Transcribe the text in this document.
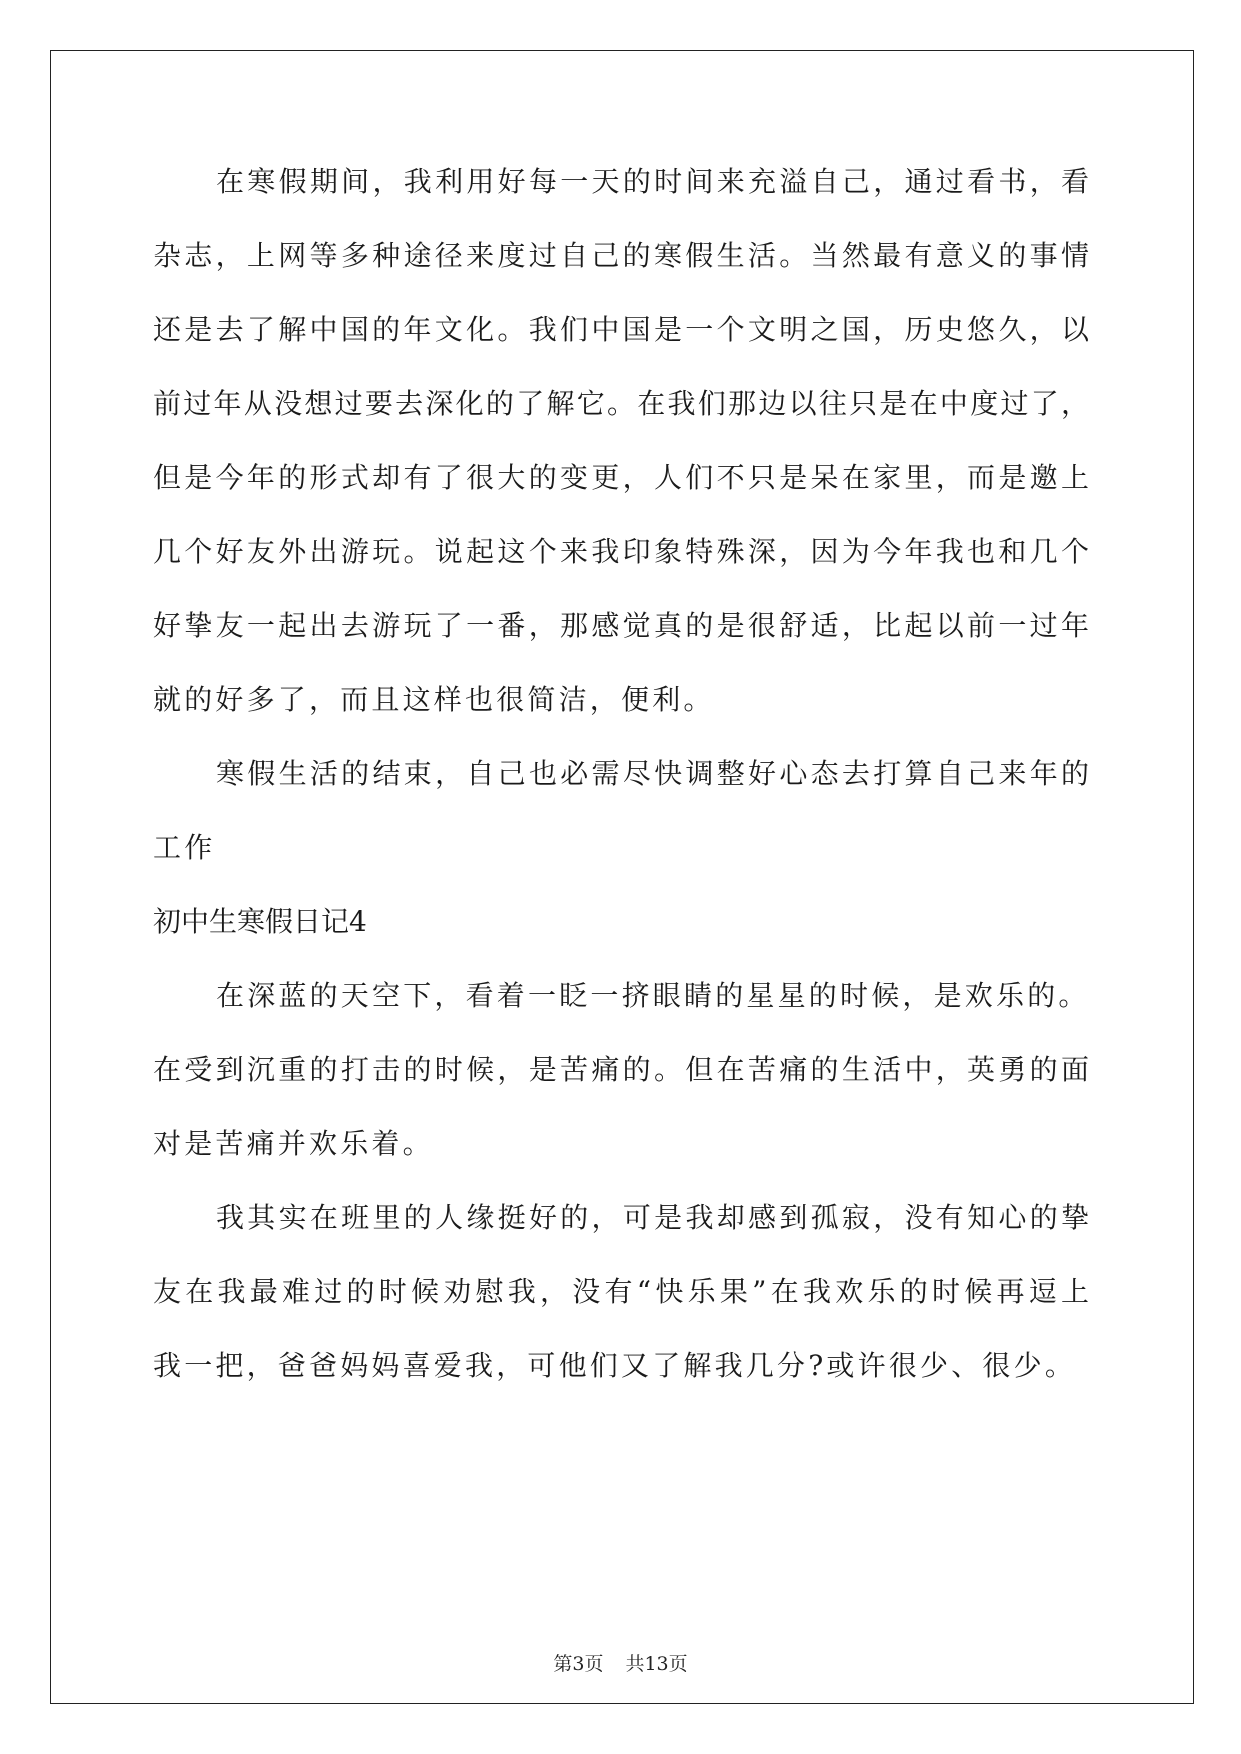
在寒假期间，我利用好每一天的时间来充溢自己，通过看书，看
杂志，上网等多种途径来度过自己的寒假生活。当然最有意义的事情
还是去了解中国的年文化。我们中国是一个文明之国，历史悠久，以
前过年从没想过要去深化的了解它。在我们那边以往只是在中度过了，
但是今年的形式却有了很大的变更，人们不只是呆在家里，而是邀上
几个好友外出游玩。说起这个来我印象特殊深，因为今年我也和几个
好挚友一起出去游玩了一番，那感觉真的是很舒适，比起以前一过年
就的好多了，而且这样也很简洁，便利。
寒假生活的结束，自己也必需尽快调整好心态去打算自己来年的
工作
初中生寒假日记4
在深蓝的天空下，看着一眨一挤眼睛的星星的时候，是欢乐的。
在受到沉重的打击的时候，是苦痛的。但在苦痛的生活中，英勇的面
对是苦痛并欢乐着。
我其实在班里的人缘挺好的，可是我却感到孤寂，没有知心的挚
友在我最难过的时候劝慰我，没有“快乐果”在我欢乐的时候再逗上
我一把，爸爸妈妈喜爱我，可他们又了解我几分?或许很少、很少。
第3页 共13页
